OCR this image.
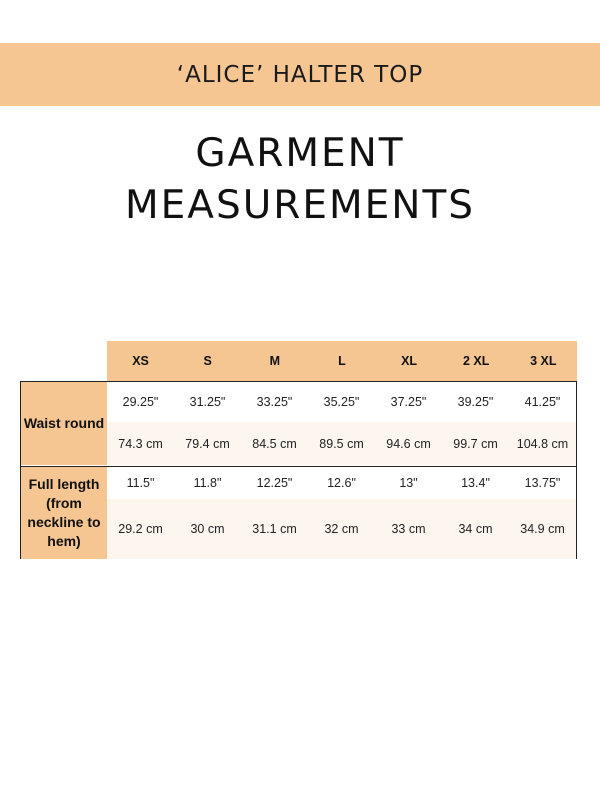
‘ALICE’ HALTER TOP
GARMENT
MEASUREMENTS
XS	S	M	L	XL	2 XL	3 XL
Waist round
29.25"	31.25"	33.25"	35.25"	37.25"	39.25"	41.25"
74.3 cm	79.4 cm	84.5 cm	89.5 cm	94.6 cm	99.7 cm	104.8 cm
Full length (from neckline to hem)
11.5"	11.8"	12.25"	12.6"	13"	13.4"	13.75"
29.2 cm	30 cm	31.1 cm	32 cm	33 cm	34 cm	34.9 cm
